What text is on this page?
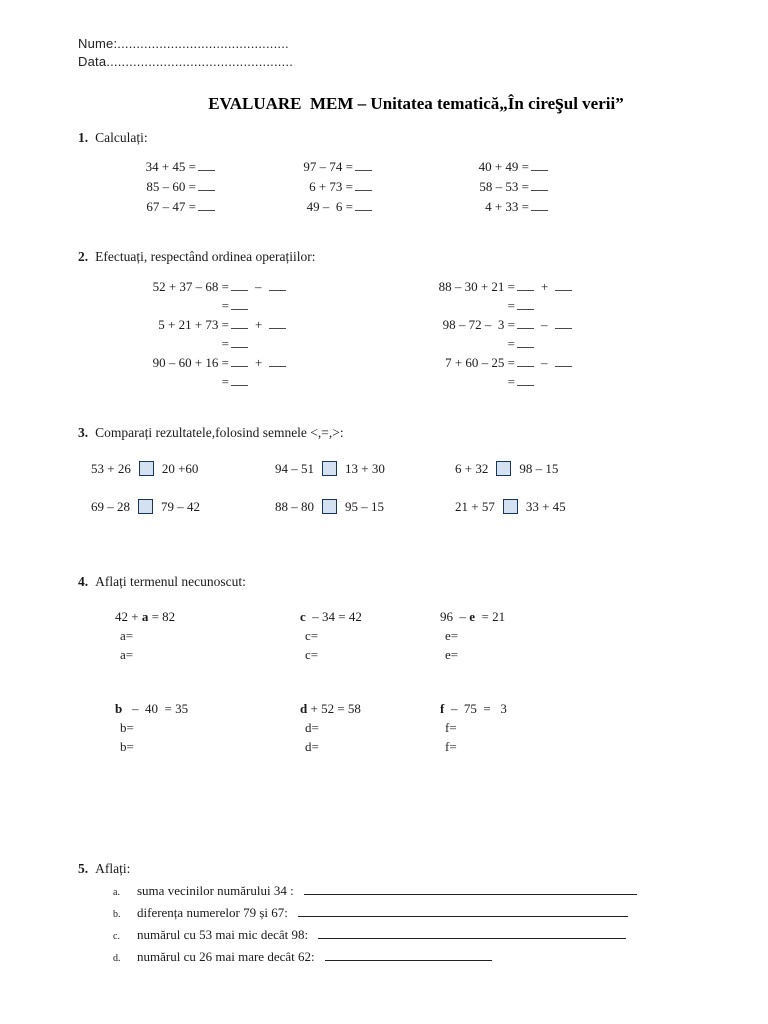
Nume:.............................................
Data.................................................
EVALUARE  MEM – Unitatea tematică„În cireşul verii”
1. Calculați:
34 + 45 =	97 – 74 =	40 + 49 =
85 – 60 =	6 + 73 =	58 – 53 =
67 – 47 =	49 –  6 =	4 + 33 =
2. Efectuați, respectând ordinea operațiilor:
52 + 37 – 68 = –
=
5 + 21 + 73 = +
=
90 – 60 + 16 = +
=
88 – 30 + 21 = +
=
98 – 72 –  3 = –
=
7 + 60 – 25 = –
=
3. Comparați rezultatele,folosind semnele <,=,>:
53 + 26 20 +60	94 – 51 13 + 30	6 + 32 98 – 15
69 – 28 79 – 42	88 – 80 95 – 15	21 + 57 33 + 45
4. Aflați termenul necunoscut:
42 + a = 82
a=
a=
c  – 34 = 42
c=
c=
96  – e  = 21
e=
e=
b   –  40  = 35
b=
b=
d + 52 = 58
d=
d=
f  –  75  =   3
f=
f=
5. Aflați:
a. suma vecinilor numărului 34 :
b. diferența numerelor 79 și 67:
c. numărul cu 53 mai mic decât 98:
d. numărul cu 26 mai mare decât 62:
